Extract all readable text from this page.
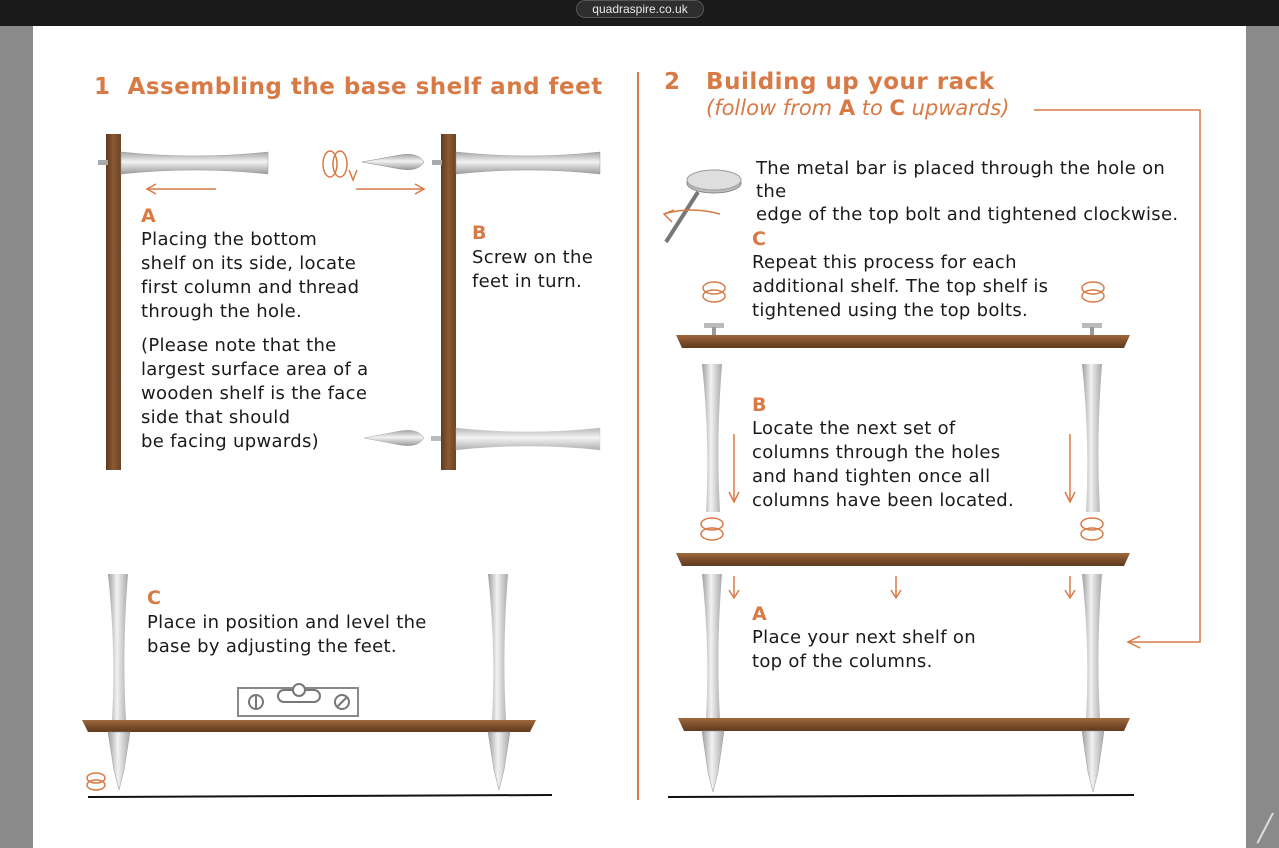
quadraspire.co.uk
1 Assembling the base shelf and feet
A
Placing the bottom
shelf on its side, locate
first column and thread
through the hole.
(Please note that the
largest surface area of a
wooden shelf is the face
side that should
be facing upwards)
B
Screw on the
feet in turn.
C
Place in position and level the
base by adjusting the feet.
2 Building up your rack
(follow from A to C upwards)
The metal bar is placed through the hole on the
edge of the top bolt and tightened clockwise.
C
Repeat this process for each
additional shelf. The top shelf is
tightened using the top bolts.
B
Locate the next set of
columns through the holes
and hand tighten once all
columns have been located.
A
Place your next shelf on
top of the columns.
╱
